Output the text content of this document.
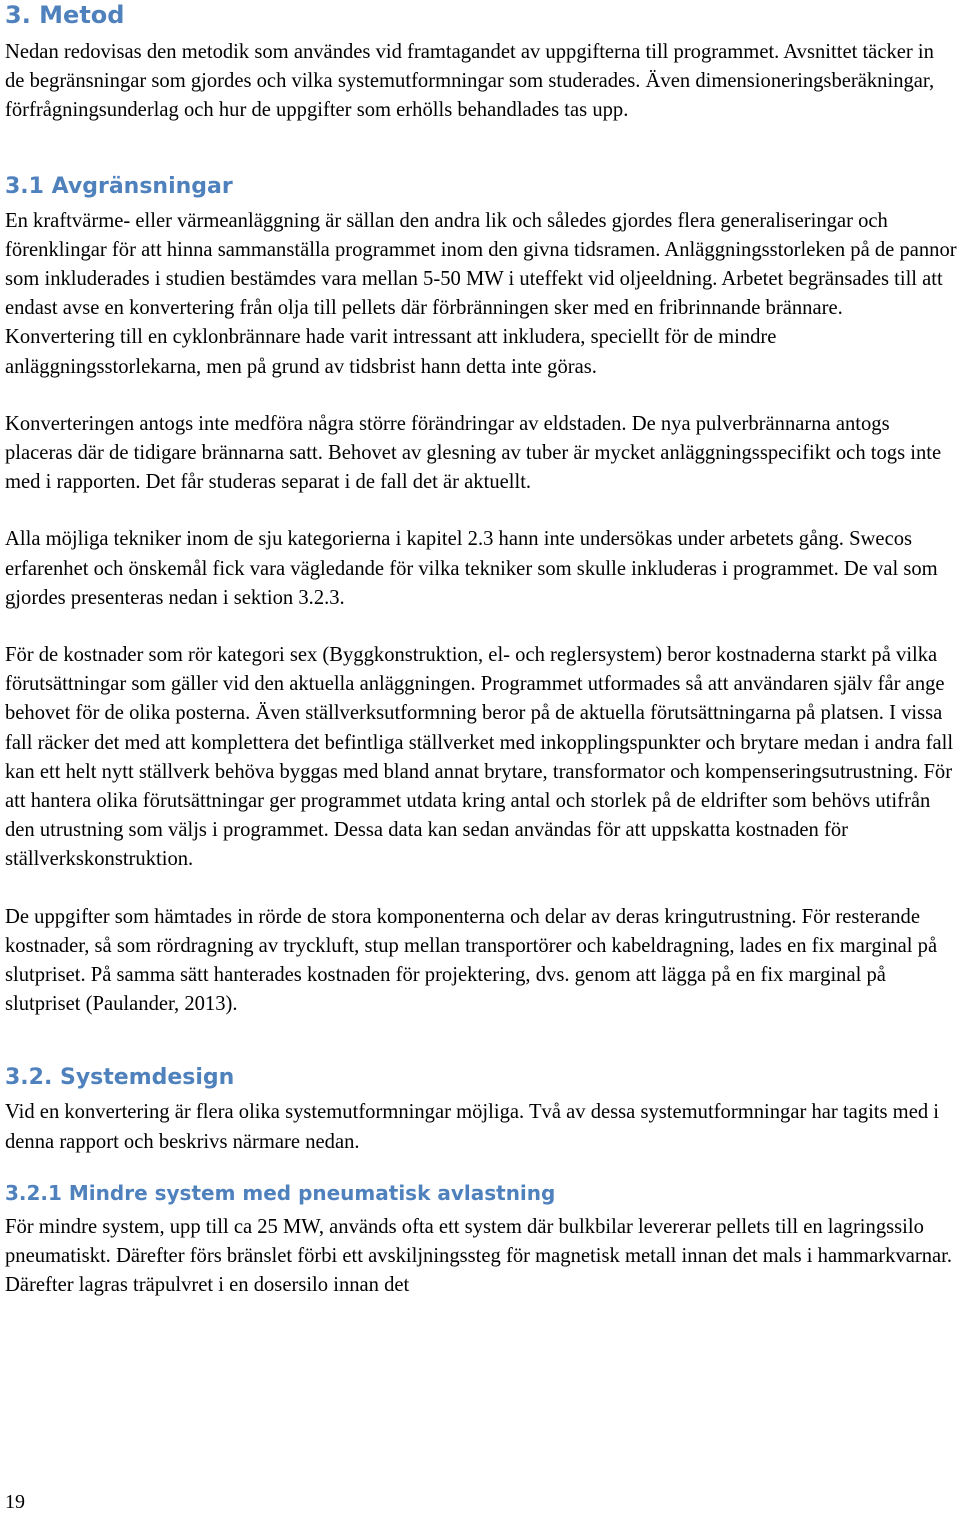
3. Metod

Nedan redovisas den metodik som användes vid framtagandet av uppgifterna till programmet. Avsnittet täcker in de begränsningar som gjordes och vilka systemutformningar som studerades. Även dimensioneringsberäkningar, förfrågningsunderlag och hur de uppgifter som erhölls behandlades tas upp.

3.1 Avgränsningar

En kraftvärme- eller värmeanläggning är sällan den andra lik och således gjordes flera generaliseringar och förenklingar för att hinna sammanställa programmet inom den givna tidsramen. Anläggningsstorleken på de pannor som inkluderades i studien bestämdes vara mellan 5-50 MW i uteffekt vid oljeeldning. Arbetet begränsades till att endast avse en konvertering från olja till pellets där förbränningen sker med en fribrinnande brännare. Konvertering till en cyklonbrännare hade varit intressant att inkludera, speciellt för de mindre anläggningsstorlekarna, men på grund av tidsbrist hann detta inte göras.

Konverteringen antogs inte medföra några större förändringar av eldstaden. De nya pulverbrännarna antogs placeras där de tidigare brännarna satt. Behovet av glesning av tuber är mycket anläggningsspecifikt och togs inte med i rapporten. Det får studeras separat i de fall det är aktuellt.

Alla möjliga tekniker inom de sju kategorierna i kapitel 2.3 hann inte undersökas under arbetets gång. Swecos erfarenhet och önskemål fick vara vägledande för vilka tekniker som skulle inkluderas i programmet. De val som gjordes presenteras nedan i sektion 3.2.3.

För de kostnader som rör kategori sex (Byggkonstruktion, el- och reglersystem) beror kostnaderna starkt på vilka förutsättningar som gäller vid den aktuella anläggningen. Programmet utformades så att användaren själv får ange behovet för de olika posterna. Även ställverksutformning beror på de aktuella förutsättningarna på platsen. I vissa fall räcker det med att komplettera det befintliga ställverket med inkopplingspunkter och brytare medan i andra fall kan ett helt nytt ställverk behöva byggas med bland annat brytare, transformator och kompenseringsutrustning. För att hantera olika förutsättningar ger programmet utdata kring antal och storlek på de eldrifter som behövs utifrån den utrustning som väljs i programmet. Dessa data kan sedan användas för att uppskatta kostnaden för ställverkskonstruktion.

De uppgifter som hämtades in rörde de stora komponenterna och delar av deras kringutrustning. För resterande kostnader, så som rördragning av tryckluft, stup mellan transportörer och kabeldragning, lades en fix marginal på slutpriset. På samma sätt hanterades kostnaden för projektering, dvs. genom att lägga på en fix marginal på slutpriset (Paulander, 2013).

3.2. Systemdesign

Vid en konvertering är flera olika systemutformningar möjliga. Två av dessa systemutformningar har tagits med i denna rapport och beskrivs närmare nedan.

3.2.1 Mindre system med pneumatisk avlastning

För mindre system, upp till ca 25 MW, används ofta ett system där bulkbilar levererar pellets till en lagringssilo pneumatiskt. Därefter förs bränslet förbi ett avskiljningssteg för magnetisk metall innan det mals i hammarkvarnar. Därefter lagras träpulvret i en dosersilo innan det

19
